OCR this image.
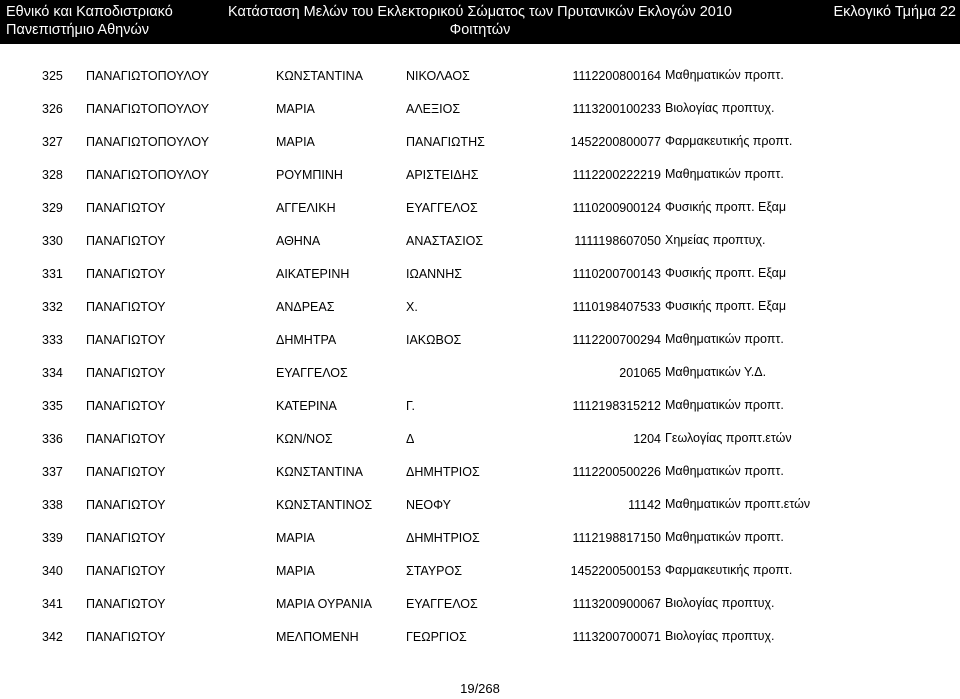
Εθνικό και Καποδιστριακό
Πανεπιστήμιο Αθηνών
Κατάσταση Μελών του Εκλεκτορικού Σώματος των Πρυτανικών Εκλογών 2010
Φοιτητών
Εκλογικό Τμήμα 22
325	ΠΑΝΑΓΙΩΤΟΠΟΥΛΟΥ	ΚΩΝΣΤΑΝΤΙΝΑ	ΝΙΚΟΛΑΟΣ	1112200800164	Μαθηματικών προπτ.
326	ΠΑΝΑΓΙΩΤΟΠΟΥΛΟΥ	ΜΑΡΙΑ	ΑΛΕΞΙΟΣ	1113200100233	Βιολογίας προπτυχ.
327	ΠΑΝΑΓΙΩΤΟΠΟΥΛΟΥ	ΜΑΡΙΑ	ΠΑΝΑΓΙΩΤΗΣ	1452200800077	Φαρμακευτικής προπτ.
328	ΠΑΝΑΓΙΩΤΟΠΟΥΛΟΥ	ΡΟΥΜΠΙΝΗ	ΑΡΙΣΤΕΙΔΗΣ	1112200222219	Μαθηματικών προπτ.
329	ΠΑΝΑΓΙΩΤΟΥ	ΑΓΓΕΛΙΚΗ	ΕΥΑΓΓΕΛΟΣ	1110200900124	Φυσικής προπτ. Εξαμ
330	ΠΑΝΑΓΙΩΤΟΥ	ΑΘΗΝΑ	ΑΝΑΣΤΑΣΙΟΣ	1111198607050	Χημείας προπτυχ.
331	ΠΑΝΑΓΙΩΤΟΥ	ΑΙΚΑΤΕΡΙΝΗ	ΙΩΑΝΝΗΣ	1110200700143	Φυσικής προπτ. Εξαμ
332	ΠΑΝΑΓΙΩΤΟΥ	ΑΝΔΡΕΑΣ	Χ.	1110198407533	Φυσικής προπτ. Εξαμ
333	ΠΑΝΑΓΙΩΤΟΥ	ΔΗΜΗΤΡΑ	ΙΑΚΩΒΟΣ	1112200700294	Μαθηματικών προπτ.
334	ΠΑΝΑΓΙΩΤΟΥ	ΕΥΑΓΓΕΛΟΣ		201065	Μαθηματικών Υ.Δ.
335	ΠΑΝΑΓΙΩΤΟΥ	ΚΑΤΕΡΙΝΑ	Γ.	1112198315212	Μαθηματικών προπτ.
336	ΠΑΝΑΓΙΩΤΟΥ	ΚΩΝ/ΝΟΣ	Δ	1204	Γεωλογίας προπτ.ετών
337	ΠΑΝΑΓΙΩΤΟΥ	ΚΩΝΣΤΑΝΤΙΝΑ	ΔΗΜΗΤΡΙΟΣ	1112200500226	Μαθηματικών προπτ.
338	ΠΑΝΑΓΙΩΤΟΥ	ΚΩΝΣΤΑΝΤΙΝΟΣ	ΝΕΟΦΥ	11142	Μαθηματικών προπτ.ετών
339	ΠΑΝΑΓΙΩΤΟΥ	ΜΑΡΙΑ	ΔΗΜΗΤΡΙΟΣ	1112198817150	Μαθηματικών προπτ.
340	ΠΑΝΑΓΙΩΤΟΥ	ΜΑΡΙΑ	ΣΤΑΥΡΟΣ	1452200500153	Φαρμακευτικής προπτ.
341	ΠΑΝΑΓΙΩΤΟΥ	ΜΑΡΙΑ ΟΥΡΑΝΙΑ	ΕΥΑΓΓΕΛΟΣ	1113200900067	Βιολογίας προπτυχ.
342	ΠΑΝΑΓΙΩΤΟΥ	ΜΕΛΠΟΜΕΝΗ	ΓΕΩΡΓΙΟΣ	1113200700071	Βιολογίας προπτυχ.
19/268
